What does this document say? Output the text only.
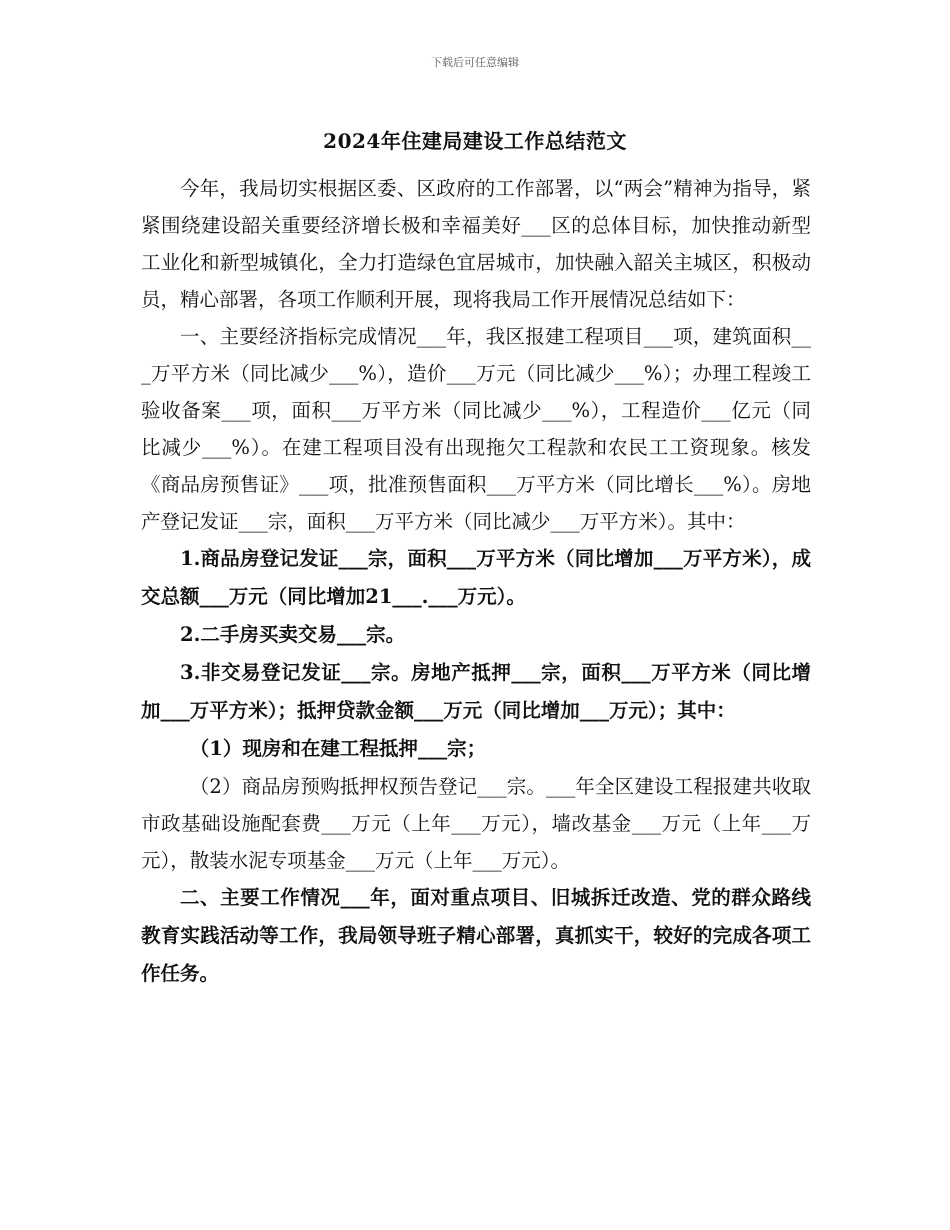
下载后可任意编辑
2024年住建局建设工作总结范文

今年，我局切实根据区委、区政府的工作部署，以“两会”精神为指导，紧紧围绕建设韶关重要经济增长极和幸福美好___区的总体目标，加快推动新型工业化和新型城镇化，全力打造绿色宜居城市，加快融入韶关主城区，积极动员，精心部署，各项工作顺利开展，现将我局工作开展情况总结如下：

一、主要经济指标完成情况___年，我区报建工程项目___项，建筑面积___万平方米（同比减少___%），造价___万元（同比减少___%）；办理工程竣工验收备案___项，面积___万平方米（同比减少___%），工程造价___亿元（同比减少___%）。在建工程项目没有出现拖欠工程款和农民工工资现象。核发《商品房预售证》___项，批准预售面积___万平方米（同比增长___%）。房地产登记发证___宗，面积___万平方米（同比减少___万平方米）。其中：

1.商品房登记发证___宗，面积___万平方米（同比增加___万平方米），成交总额___万元（同比增加21___.___万元）。

2.二手房买卖交易___宗。

3.非交易登记发证___宗。房地产抵押___宗，面积___万平方米（同比增加___万平方米）；抵押贷款金额___万元（同比增加___万元）；其中：

（1）现房和在建工程抵押___宗；

（2）商品房预购抵押权预告登记___宗。___年全区建设工程报建共收取市政基础设施配套费___万元（上年___万元），墙改基金___万元（上年___万元），散装水泥专项基金___万元（上年___万元）。

二、主要工作情况___年，面对重点项目、旧城拆迁改造、党的群众路线教育实践活动等工作，我局领导班子精心部署，真抓实干，较好的完成各项工作任务。
